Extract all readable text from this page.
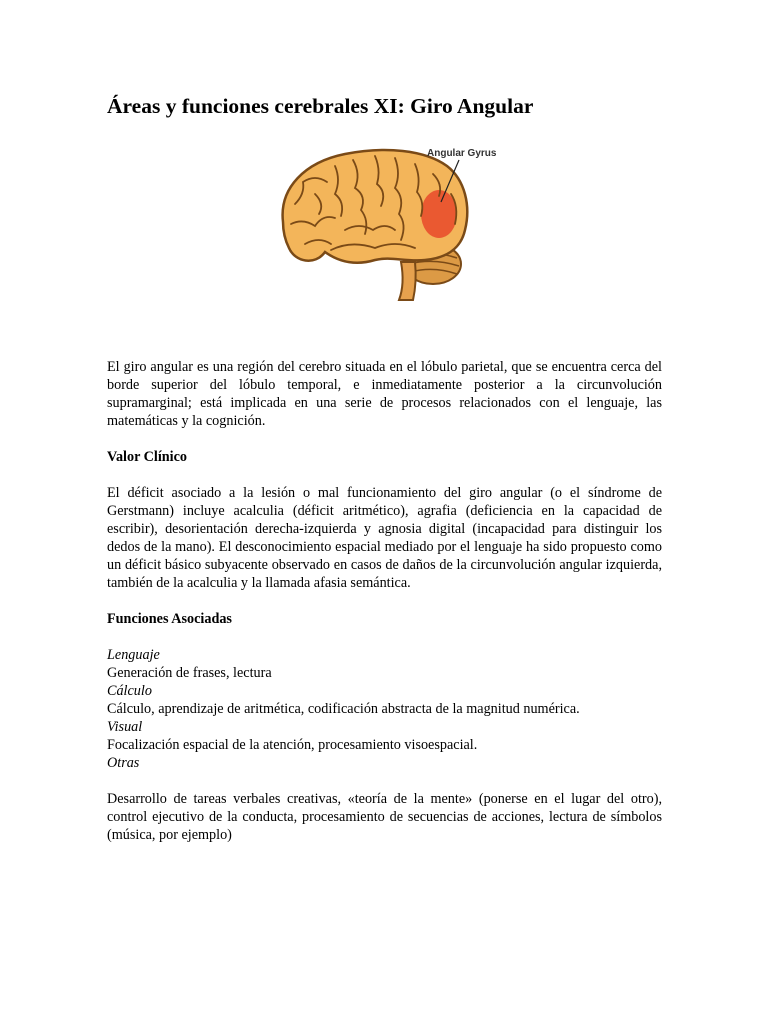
Áreas y funciones cerebrales XI: Giro Angular
Angular Gyrus

El giro angular es una región del cerebro situada en el lóbulo parietal, que se encuentra cerca del borde superior del lóbulo temporal, e inmediatamente posterior a la circunvolución supramarginal; está implicada en una serie de procesos relacionados con el lenguaje, las matemáticas y la cognición.

Valor Clínico

El déficit asociado a la lesión o mal funcionamiento del giro angular (o el síndrome de Gerstmann) incluye acalculia (déficit aritmético), agrafia (deficiencia en la capacidad de escribir), desorientación derecha-izquierda y agnosia digital (incapacidad para distinguir los dedos de la mano). El desconocimiento espacial mediado por el lenguaje ha sido propuesto como un déficit básico subyacente observado en casos de daños de la circunvolución angular izquierda, también de la acalculia y la llamada afasia semántica.

Funciones Asociadas

Lenguaje

Generación de frases, lectura

Cálculo

Cálculo, aprendizaje de aritmética, codificación abstracta de la magnitud numérica.

Visual

Focalización espacial de la atención, procesamiento visoespacial.

Otras

Desarrollo de tareas verbales creativas, «teoría de la mente» (ponerse en el lugar del otro), control ejecutivo de la conducta, procesamiento de secuencias de acciones, lectura de símbolos (música, por ejemplo)
